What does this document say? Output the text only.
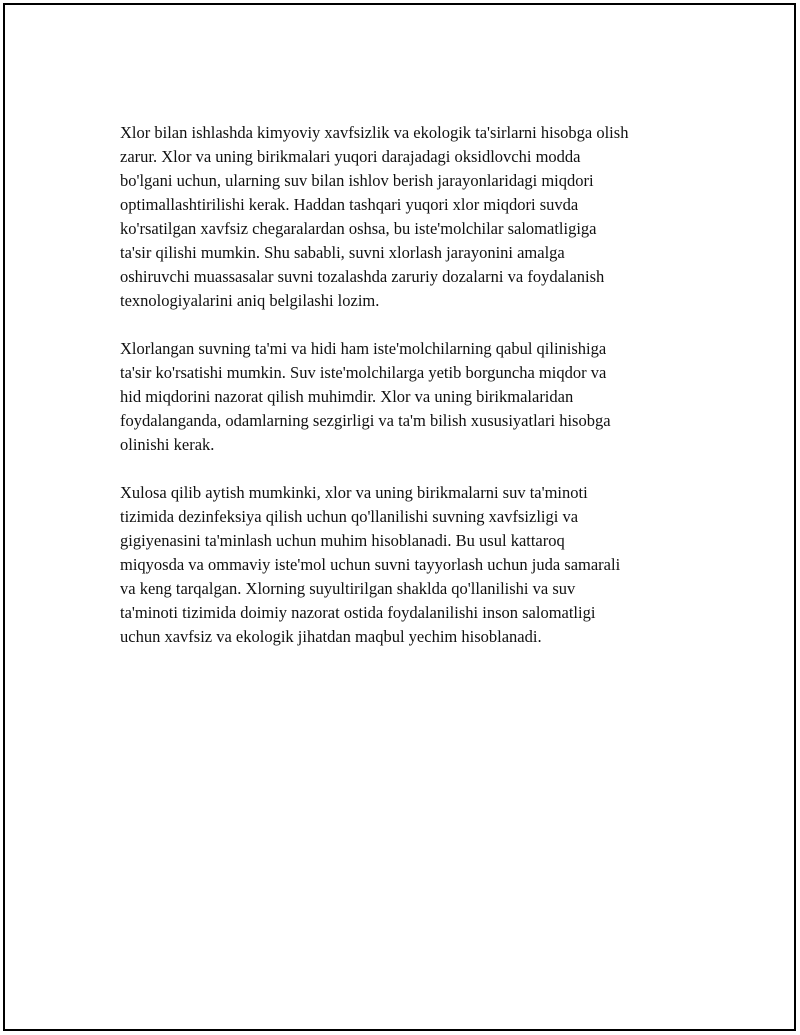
Xlor bilan ishlashda kimyoviy xavfsizlik va ekologik ta'sirlarni hisobga olish
zarur. Xlor va uning birikmalari yuqori darajadagi oksidlovchi modda
bo'lgani uchun, ularning suv bilan ishlov berish jarayonlaridagi miqdori
optimallashtirilishi kerak. Haddan tashqari yuqori xlor miqdori suvda
ko'rsatilgan xavfsiz chegaralardan oshsa, bu iste'molchilar salomatligiga
ta'sir qilishi mumkin. Shu sababli, suvni xlorlash jarayonini amalga
oshiruvchi muassasalar suvni tozalashda zaruriy dozalarni va foydalanish
texnologiyalarini aniq belgilashi lozim.

Xlorlangan suvning ta'mi va hidi ham iste'molchilarning qabul qilinishiga
ta'sir ko'rsatishi mumkin. Suv iste'molchilarga yetib borguncha miqdor va
hid miqdorini nazorat qilish muhimdir. Xlor va uning birikmalaridan
foydalanganda, odamlarning sezgirligi va ta'm bilish xususiyatlari hisobga
olinishi kerak.

Xulosa qilib aytish mumkinki, xlor va uning birikmalarni suv ta'minoti
tizimida dezinfeksiya qilish uchun qo'llanilishi suvning xavfsizligi va
gigiyenasini ta'minlash uchun muhim hisoblanadi. Bu usul kattaroq
miqyosda va ommaviy iste'mol uchun suvni tayyorlash uchun juda samarali
va keng tarqalgan. Xlorning suyultirilgan shaklda qo'llanilishi va suv
ta'minoti tizimida doimiy nazorat ostida foydalanilishi inson salomatligi
uchun xavfsiz va ekologik jihatdan maqbul yechim hisoblanadi.
